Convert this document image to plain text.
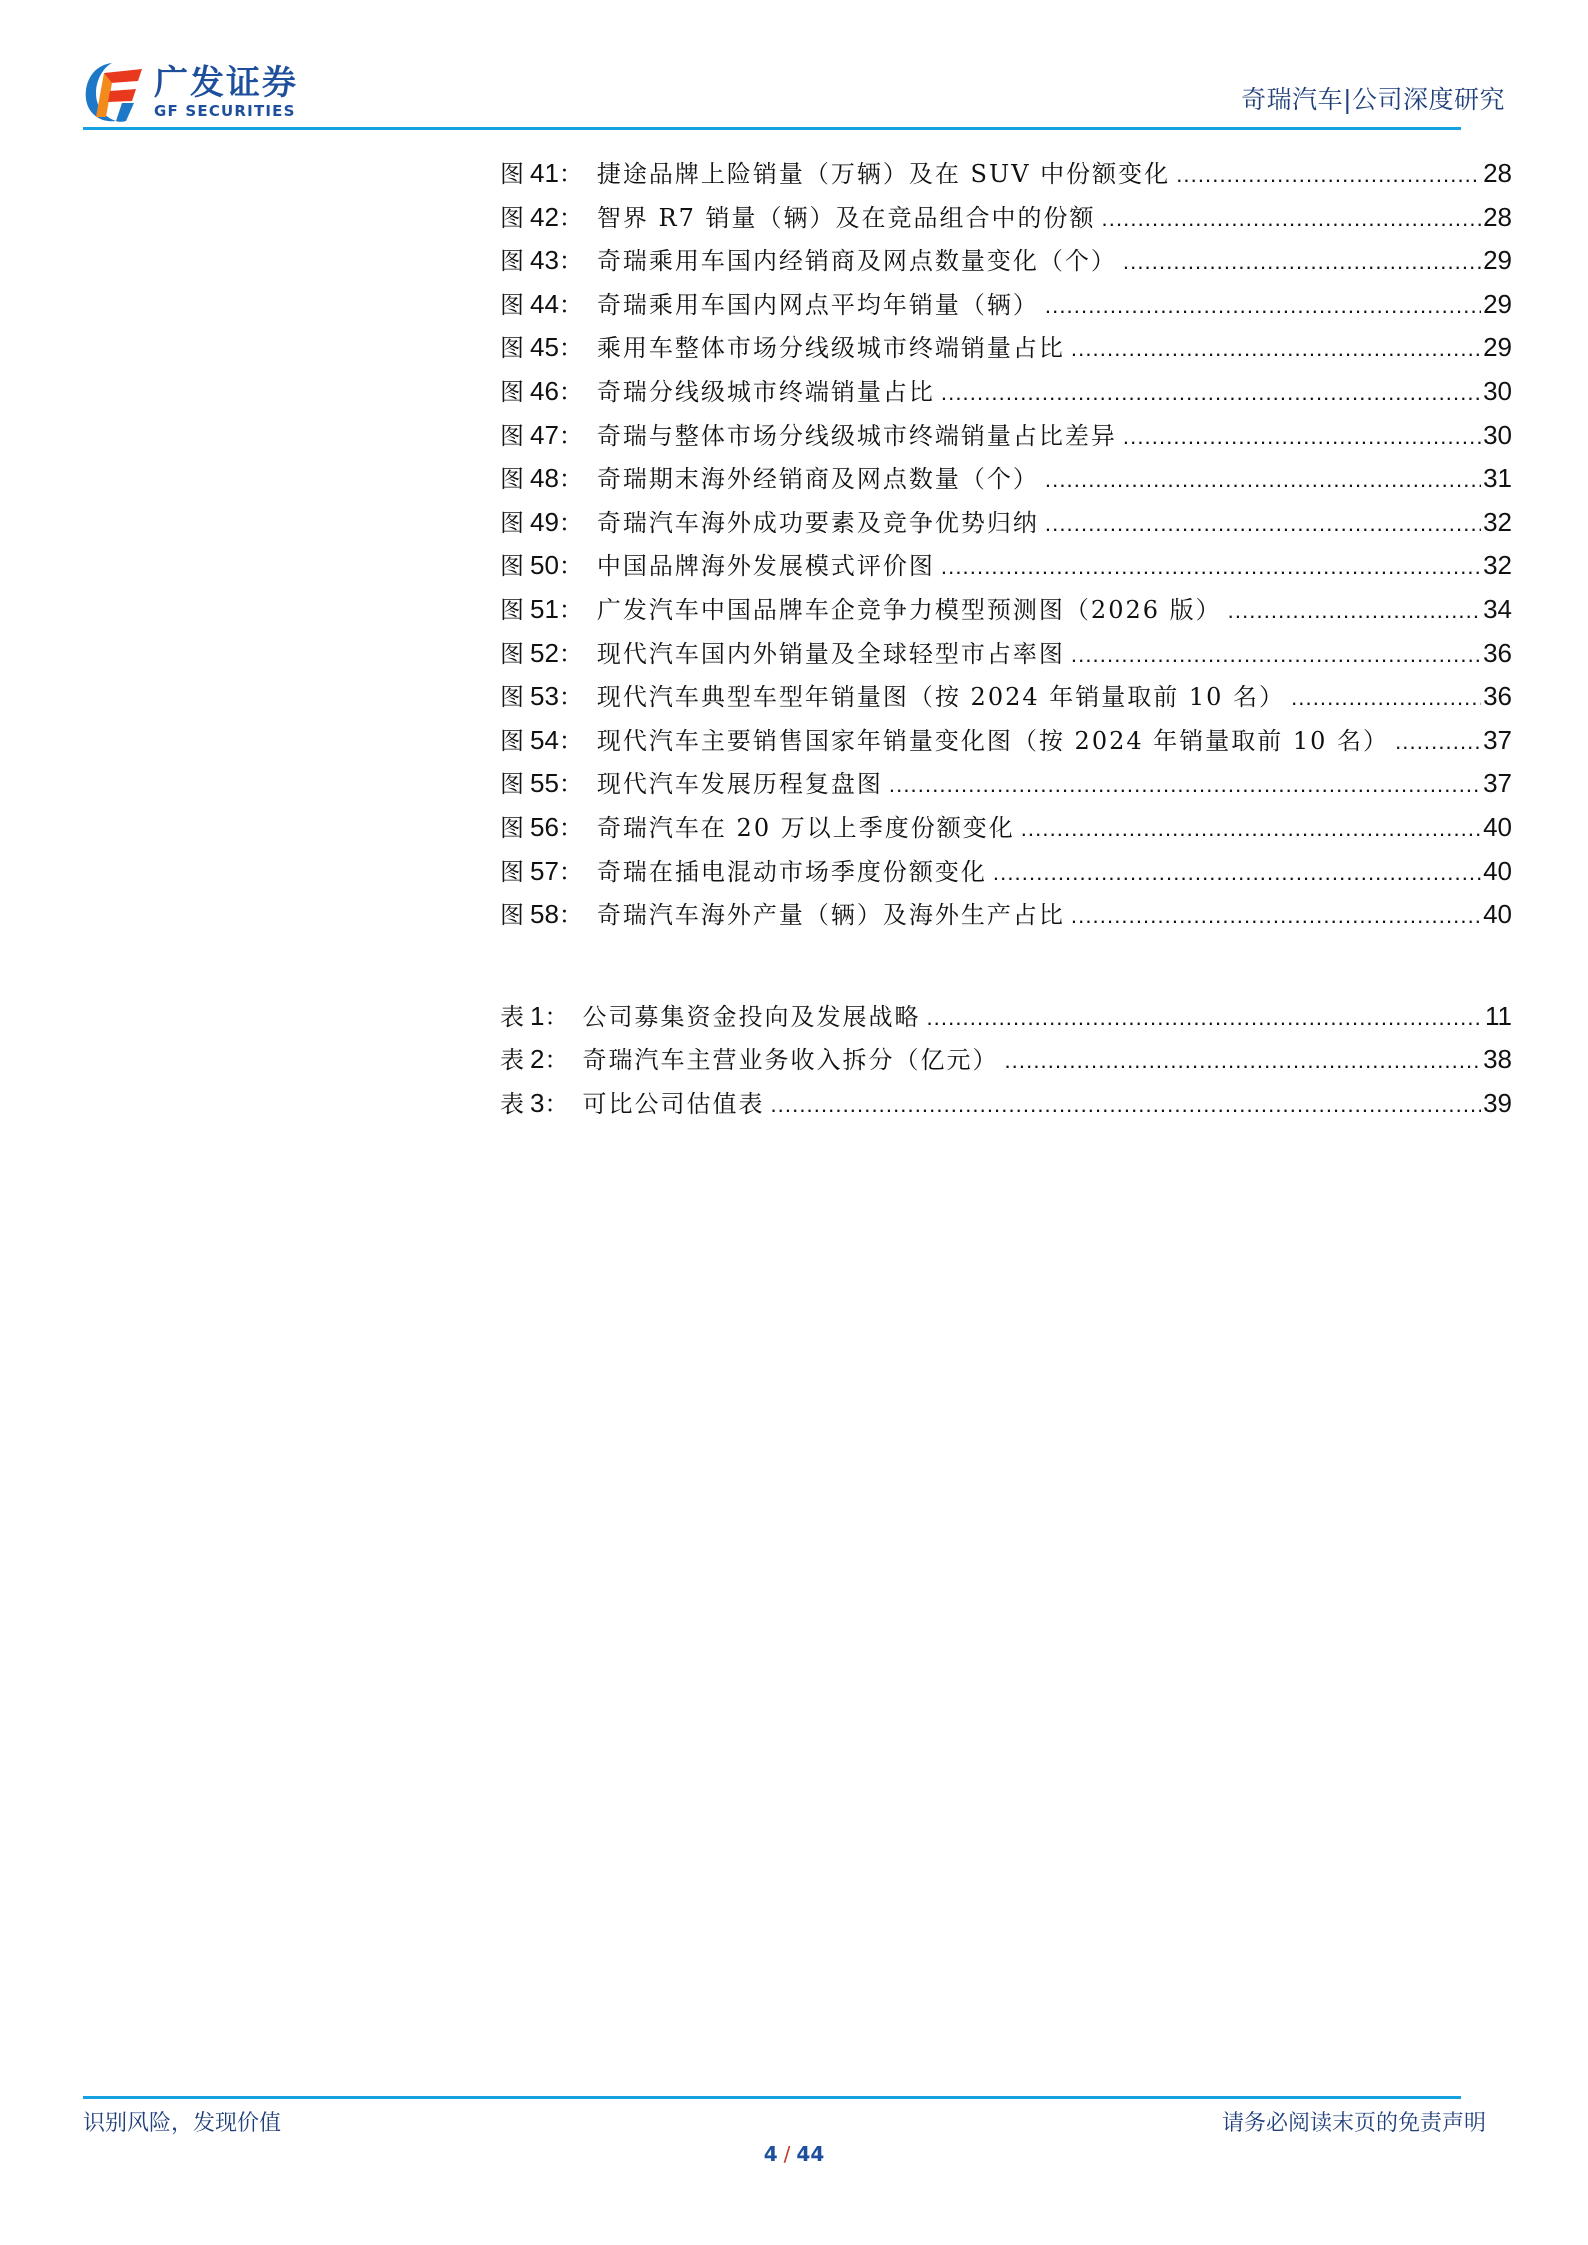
广发证券
GF SECURITIES	奇瑞汽车|公司深度研究
图 41 ： 捷途品牌上险销量（万辆）及在 SUV 中份额变化 .....	28
图 42 ： 智界 R7 销量（辆）及在竞品组合中的份额 .....	28
图 43 ： 奇瑞乘用车国内经销商及网点数量变化（个） .....	29
图 44 ： 奇瑞乘用车国内网点平均年销量（辆） .....	29
图 45 ： 乘用车整体市场分线级城市终端销量占比 .....	29
图 46 ： 奇瑞分线级城市终端销量占比 .....	30
图 47 ： 奇瑞与整体市场分线级城市终端销量占比差异 .....	30
图 48 ： 奇瑞期末海外经销商及网点数量（个） .....	31
图 49 ： 奇瑞汽车海外成功要素及竞争优势归纳 .....	32
图 50 ： 中国品牌海外发展模式评价图 .....	32
图 51 ： 广发汽车中国品牌车企竞争力模型预测图（2026 版） .....	34
图 52 ： 现代汽车国内外销量及全球轻型市占率图 .....	36
图 53 ： 现代汽车典型车型年销量图（按 2024 年销量取前 10 名） .....	36
图 54 ： 现代汽车主要销售国家年销量变化图（按 2024 年销量取前 10 名） .....	37
图 55 ： 现代汽车发展历程复盘图 .....	37
图 56 ： 奇瑞汽车在 20 万以上季度份额变化 .....	40
图 57 ： 奇瑞在插电混动市场季度份额变化 .....	40
图 58 ： 奇瑞汽车海外产量（辆）及海外生产占比 .....	40
表 1 ： 公司募集资金投向及发展战略 .....	11
表 2 ： 奇瑞汽车主营业务收入拆分（亿元） .....	38
表 3 ： 可比公司估值表 .....	39
识别风险，发现价值	请务必阅读末页的免责声明
4 / 44
